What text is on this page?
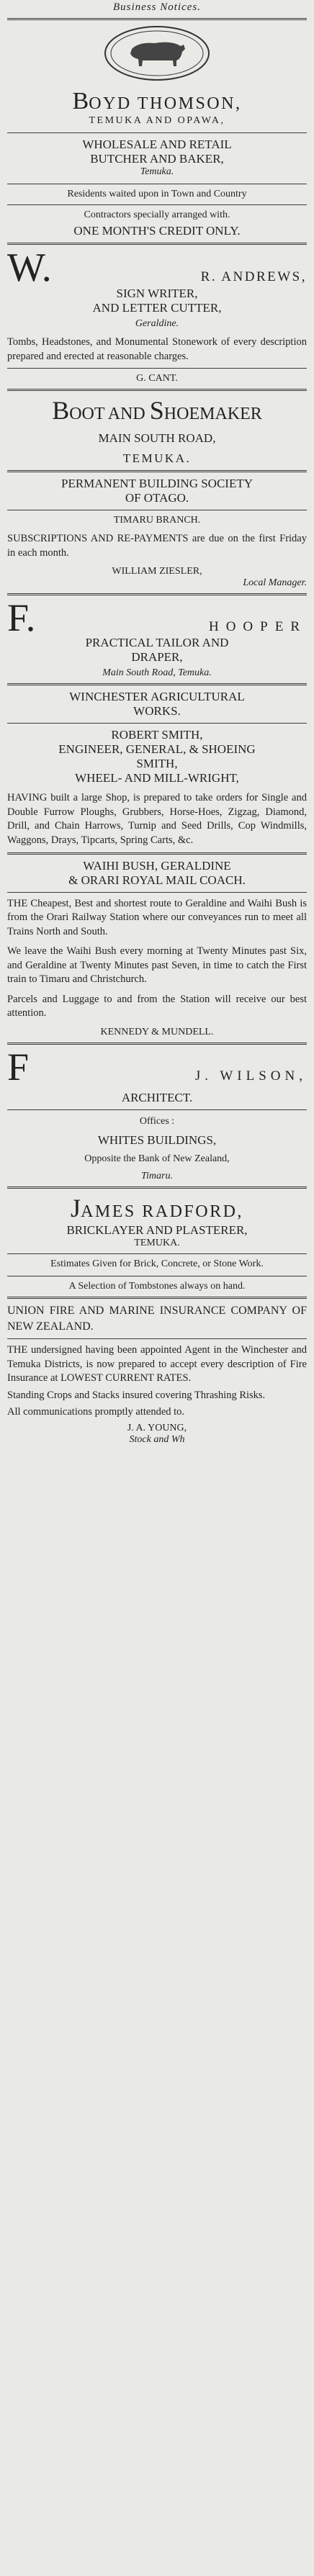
Business Notices.
BOYD THOMSON,
TEMUKA AND OPAWA,
WHOLESALE AND RETAIL
BUTCHER AND BAKER,
Temuka.
Residents waited upon in Town and Country
Contractors specially arranged with.
ONE MONTH'S CREDIT ONLY.
W.	R. ANDREWS,
SIGN WRITER,
AND LETTER CUTTER,
Geraldine.
Tombs, Headstones, and Monumental Stonework of every description prepared and erected at reasonable charges.
G. CANT.
BOOT AND SHOEMAKER
MAIN SOUTH ROAD,
TEMUKA.
PERMANENT BUILDING SOCIETY
OF OTAGO.
TIMARU BRANCH.
SUBSCRIPTIONS AND RE-PAYMENTS are due on the first Friday in each month.
WILLIAM ZIESLER,
Local Manager.
F.	HOOPER
PRACTICAL TAILOR AND
DRAPER,
Main South Road, Temuka.
WINCHESTER AGRICULTURAL
WORKS.
ROBERT SMITH,
ENGINEER, GENERAL, & SHOEING
SMITH,
WHEEL- AND MILL-WRIGHT,
HAVING built a large Shop, is prepared to take orders for Single and Double Furrow Ploughs, Grubbers, Horse-Hoes, Zigzag, Diamond, Drill, and Chain Harrows, Turnip and Seed Drills, Cop Windmills, Waggons, Drays, Tipcarts, Spring Carts, &c.
WAIHI BUSH, GERALDINE
& ORARI ROYAL MAIL COACH.
THE Cheapest, Best and shortest route to Geraldine and Waihi Bush is from the Orari Railway Station where our conveyances run to meet all Trains North and South.
We leave the Waihi Bush every morning at Twenty Minutes past Six, and Geraldine at Twenty Minutes past Seven, in time to catch the First train to Timaru and Christchurch.
Parcels and Luggage to and from the Station will receive our best attention.
KENNEDY & MUNDELL.
F	J. WILSON,
ARCHITECT.
Offices :
WHITES BUILDINGS,
Opposite the Bank of New Zealand,
Timaru.
JAMES RADFORD,
BRICKLAYER AND PLASTERER,
TEMUKA.
Estimates Given for Brick, Concrete, or Stone Work.
A Selection of Tombstones always on hand.
UNION FIRE AND MARINE INSURANCE COMPANY OF NEW ZEALAND.
THE undersigned having been appointed Agent in the Winchester and Temuka Districts, is now prepared to accept every description of Fire Insurance at LOWEST CURRENT RATES.
Standing Crops and Stacks insured covering Thrashing Risks.
All communications promptly attended to.
J. A. YOUNG,
Stock and Wh
